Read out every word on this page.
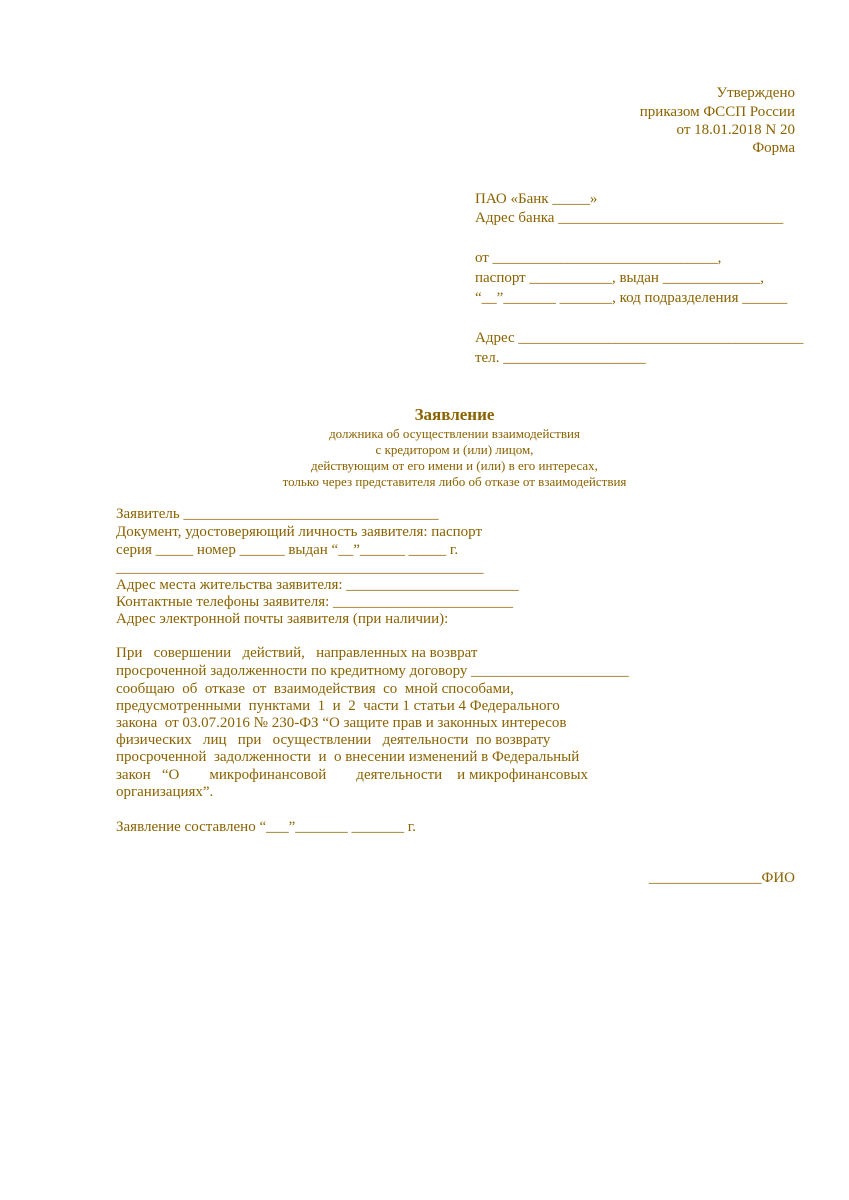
Утверждено
приказом ФССП России
от 18.01.2018 N 20
Форма
ПАО «Банк _____»
Адрес банка ______________________________
от ______________________________,
паспорт ___________, выдан _____________,
“__”_______ _______, код подразделения ______
Адрес ______________________________________
тел. ___________________
Заявление
должника об осуществлении взаимодействия
с кредитором и (или) лицом,
действующим от его имени и (или) в его интересах,
только через представителя либо об отказе от взаимодействия
Заявитель __________________________________
Документ, удостоверяющий личность заявителя: паспорт
серия _____ номер ______ выдан “__”______ _____ г.
_________________________________________________
Адрес места жительства заявителя: _______________________
Контактные телефоны заявителя: ________________________
Адрес электронной почты заявителя (при наличии):
При   совершении   действий,   направленных на возврат
просроченной задолженности по кредитному договору _____________________
сообщаю  об  отказе  от  взаимодействия  со  мной способами,
предусмотренными  пунктами  1  и  2  части 1 статьи 4 Федерального
закона  от 03.07.2016 № 230-ФЗ “О защите прав и законных интересов
физических   лиц   при   осуществлении   деятельности  по возврату
просроченной  задолженности  и  о внесении изменений в Федеральный
закон   “О        микрофинансовой        деятельности    и микрофинансовых
организациях”.
Заявление составлено “___”_______ _______ г.
_______________ФИО
